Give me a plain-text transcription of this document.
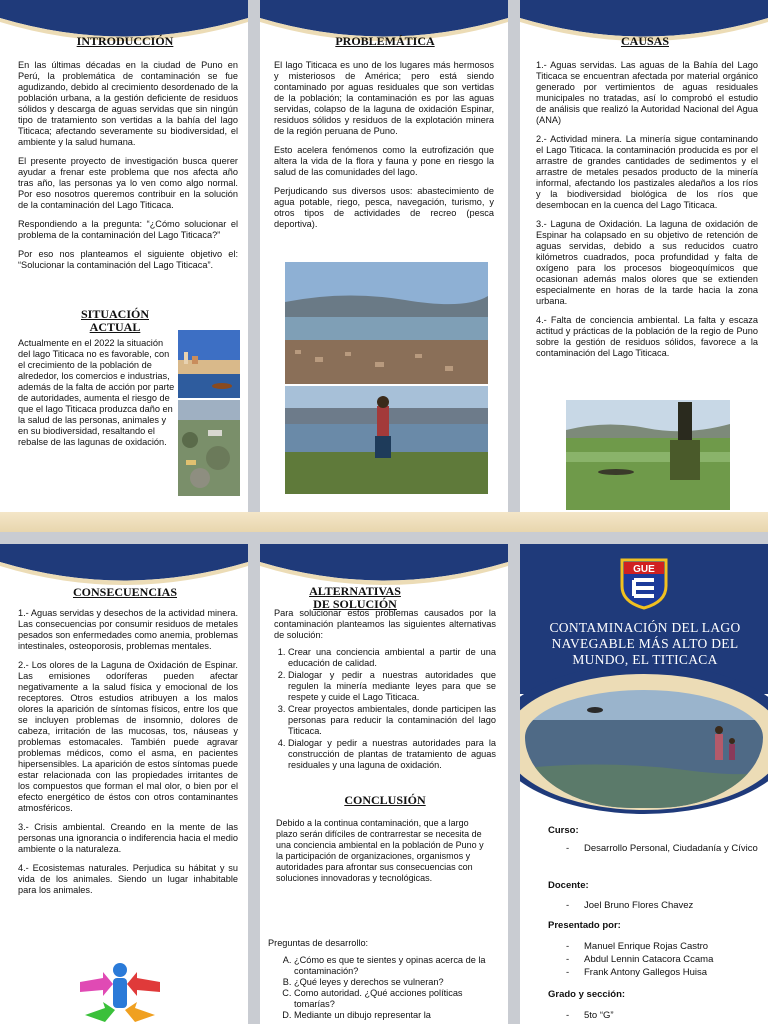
INTRODUCCIÓN

En las últimas décadas en la ciudad de Puno en Perú, la problemática de contaminación se fue agudizando, debido al crecimiento desordenado de la población urbana, a la gestión deficiente de residuos sólidos y descarga de aguas servidas que sin ningún tipo de tratamiento son vertidas a la bahía del lago Titicaca; afectando severamente su biodiversidad, el ambiente y la salud humana.

El presente proyecto de investigación busca querer ayudar a frenar este problema que nos afecta año tras año, las personas ya lo ven como algo normal. Por eso nosotros queremos contribuir en la solución de la contaminación del Lago Titicaca.

Respondiendo a la pregunta: “¿Cómo solucionar el problema de la contaminación del Lago Titicaca?”

Por eso nos planteamos el siguiente objetivo el: “Solucionar la contaminación del Lago Titicaca”.

SITUACIÓN
ACTUAL
Actualmente en el 2022 la situación del lago Titicaca no es favorable, con el crecimiento de la población de alrededor, los comercios e industrias, además de la falta de acción por parte de autoridades, aumenta el riesgo de que el lago Titicaca produzca daño en la salud de las personas, animales y en su biodiversidad, resaltando el rebalse de las lagunas de oxidación.
PROBLEMÁTICA

El lago Titicaca es uno de los lugares más hermosos y misteriosos de América; pero está siendo contaminado por aguas residuales que son vertidas de la población; la contaminación es por las aguas servidas, colapso de la laguna de oxidación Espinar, residuos sólidos y residuos de la explotación minera de la región peruana de Puno.

Esto acelera fenómenos como la eutrofización que altera la vida de la flora y fauna y pone en riesgo la salud de las comunidades del lago.

Perjudicando sus diversos usos: abastecimiento de agua potable, riego, pesca, navegación, turismo, y otros tipos de actividades de recreo (pesca deportiva).

CAUSAS

1.- Aguas servidas. Las aguas de la Bahía del Lago Titicaca se encuentran afectada por material orgánico generado por vertimientos de aguas residuales municipales no tratadas, así lo comprobó el estudio de análisis que realizó la Autoridad Nacional del Agua (ANA)

2.- Actividad minera. La minería sigue contaminando el Lago Titicaca. la contaminación producida es por el arrastre de grandes cantidades de sedimentos y el arrastre de metales pesados producto de la minería informal, afectando los pastizales aledaños a los ríos y la biodiversidad biológica de los ríos que desembocan en la cuenca del Lago Titicaca.

3.- Laguna de Oxidación. La laguna de oxidación de Espinar ha colapsado en su objetivo de retención de aguas servidas, debido a sus reducidos cuatro kilómetros cuadrados, poca profundidad y falta de oxígeno para los procesos biogeoquímicos que ocasionan además malos olores que se extienden especialmente en horas de la tarde hacia la zona urbana.

4.- Falta de conciencia ambiental. La falta y escaza actitud y prácticas de la población de la regio de Puno sobre la gestión de residuos sólidos, favorece a la contaminación del Lago Titicaca.

CONSECUENCIAS

1.- Aguas servidas y desechos de la actividad minera. Las consecuencias por consumir residuos de metales pesados son enfermedades como anemia, problemas intestinales, osteoporosis, problemas mentales.

2.- Los olores de la Laguna de Oxidación de Espinar. Las emisiones odoríferas pueden afectar negativamente a la salud física y emocional de los receptores. Otros estudios atribuyen a los malos olores la aparición de síntomas físicos, entre los que se incluyen problemas de insomnio, dolores de cabeza, irritación de las mucosas, tos, náuseas y problemas estomacales. También puede agravar problemas médicos, como el asma, en pacientes hipersensibles. La aparición de estos síntomas puede estar relacionada con las propiedades irritantes de los compuestos que forman el mal olor, o bien por el efecto energético de éstos con otros contaminantes atmosféricos.

3.- Crisis ambiental. Creando en la mente de las personas una ignorancia o indiferencia hacia el medio ambiente o la naturaleza.

4.- Ecosistemas naturales. Perjudica su hábitat y su vida de los animales. Siendo un lugar inhabitable para los animales.

ALTERNATIVAS
DE SOLUCIÓN

Para solucionar estos problemas causados por la contaminación planteamos las siguientes alternativas de solución:

1. Crear una conciencia ambiental a partir de una educación de calidad.
2. Dialogar y pedir a nuestras autoridades que regulen la minería mediante leyes para que se respete y cuide el Lago Titicaca.
3. Crear proyectos ambientales, donde participen las personas para reducir la contaminación del lago Titicaca.
4. Dialogar y pedir a nuestras autoridades para la construcción de plantas de tratamiento de aguas residuales y una laguna de oxidación.
CONCLUSIÓN
Debido a la continua contaminación, que a largo plazo serán difíciles de contrarrestar se necesita de una conciencia ambiental en la población de Puno y la participación de organizaciones, organismos y autoridades para afrontar sus consecuencias con soluciones innovadoras y tecnológicas.

Preguntas de desarrollo:

A. ¿Cómo es que te sientes y opinas acerca de la contaminación?
B. ¿Qué leyes y derechos se vulneran?
C. Como autoridad. ¿Qué acciones políticas tomarías?
D. Mediante un dibujo representar la
GUE
CONTAMINACIÓN DEL LAGO NAVEGABLE MÁS ALTO DEL MUNDO, EL TITICACA
Curso:
- Desarrollo Personal, Ciudadanía y Cívico
Docente:
- Joel Bruno Flores Chavez
Presentado por:
- Manuel Enrique Rojas Castro
- Abdul Lennin Catacora Ccama
- Frank Antony Gallegos Huisa
Grado y sección:
- 5to “G”
